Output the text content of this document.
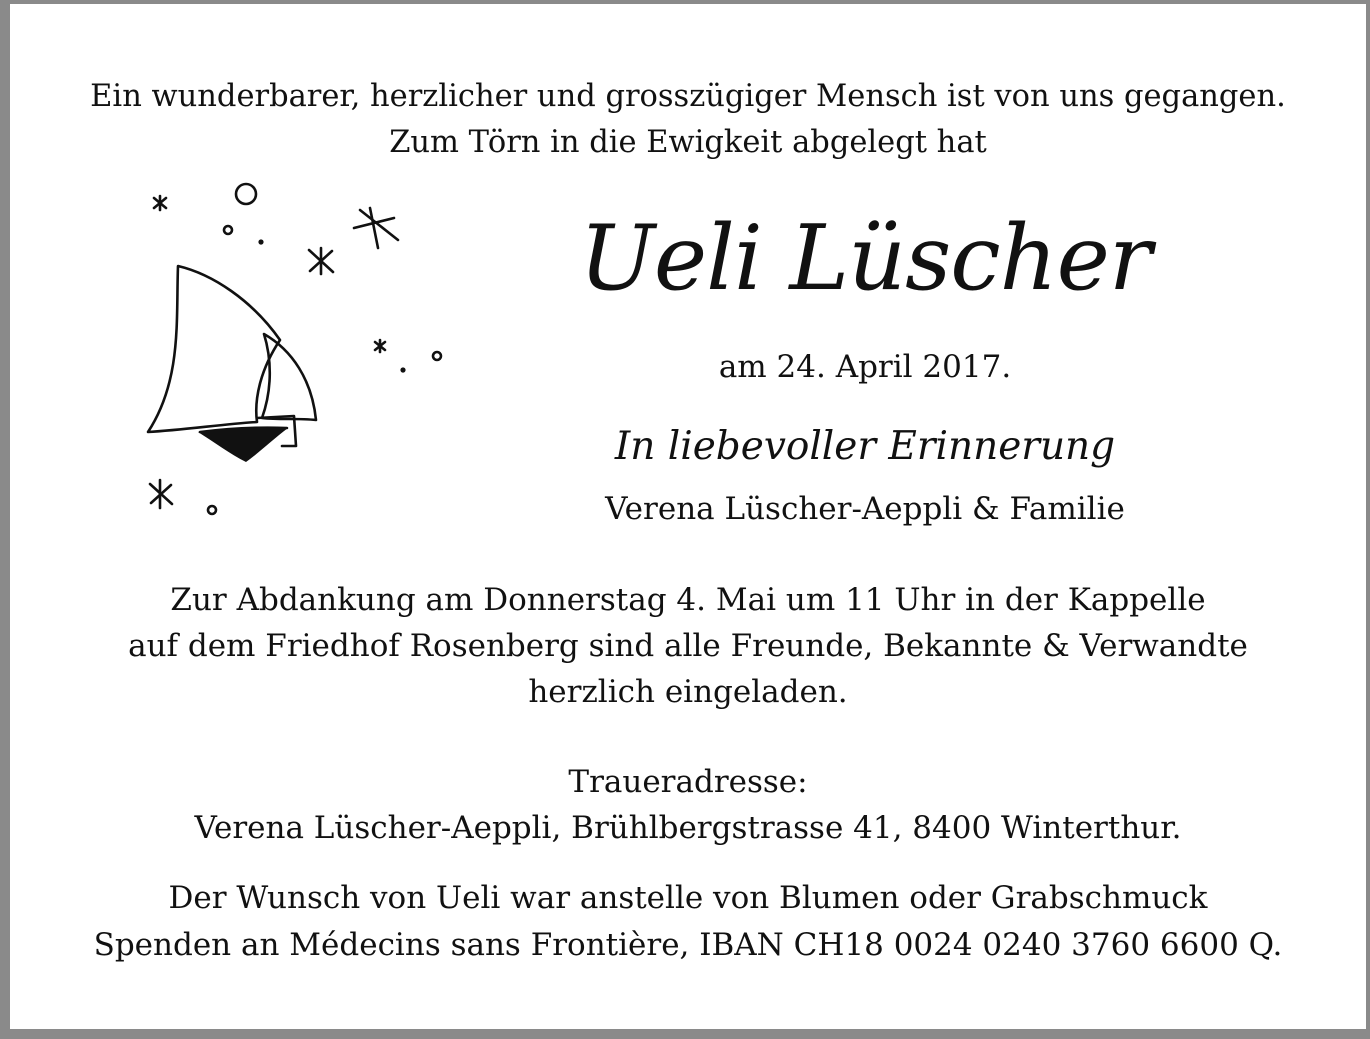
Ein wunderbarer, herzlicher und grosszügiger Mensch ist von uns gegangen.
Zum Törn in die Ewigkeit abgelegt hat
Ueli Lüscher
am 24. April 2017.
In liebevoller Erinnerung
Verena Lüscher-Aeppli & Familie
Zur Abdankung am Donnerstag 4. Mai um 11 Uhr in der Kappelle
auf dem Friedhof Rosenberg sind alle Freunde, Bekannte & Verwandte
herzlich eingeladen.
Traueradresse:
Verena Lüscher-Aeppli, Brühlbergstrasse 41, 8400 Winterthur.
Der Wunsch von Ueli war anstelle von Blumen oder Grabschmuck
Spenden an Médecins sans Frontière, IBAN CH18 0024 0240 3760 6600 Q.
